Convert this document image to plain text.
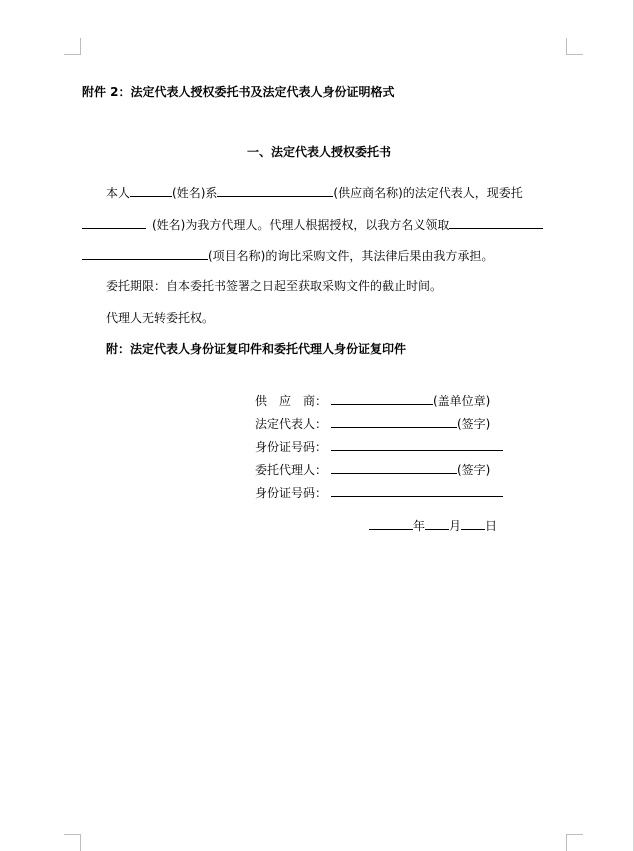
附件 2：法定代表人授权委托书及法定代表人身份证明格式
一、法定代表人授权委托书
本人	(姓名)系	(供应商名称)的法定代表人，现委托
(姓名)为我方代理人。代理人根据授权，以我方名义领取
(项目名称)的询比采购文件，其法律后果由我方承担。
委托期限：自本委托书签署之日起至获取采购文件的截止时间。
代理人无转委托权。
附：法定代表人身份证复印件和委托代理人身份证复印件
供　应　商：	(盖单位章)
法定代表人：	(签字)
身份证号码：
委托代理人：	(签字)
身份证号码：
年 月 日
